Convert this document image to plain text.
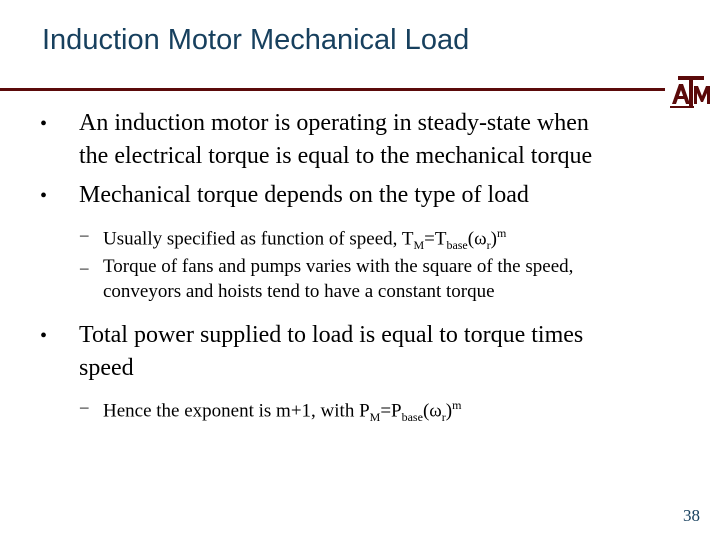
Induction Motor Mechanical Load
• An induction motor is operating in steady-state when
the electrical torque is equal to the mechanical torque
• Mechanical torque depends on the type of load
– Usually specified as function of speed, $T_M=T_{base}(\omega_r)^m$
– Torque of fans and pumps varies with the square of the speed,
conveyors and hoists tend to have a constant torque
• Total power supplied to load is equal to torque times
speed
– Hence the exponent is m+1, with $P_M=P_{base}(\omega_r)^m$
38
